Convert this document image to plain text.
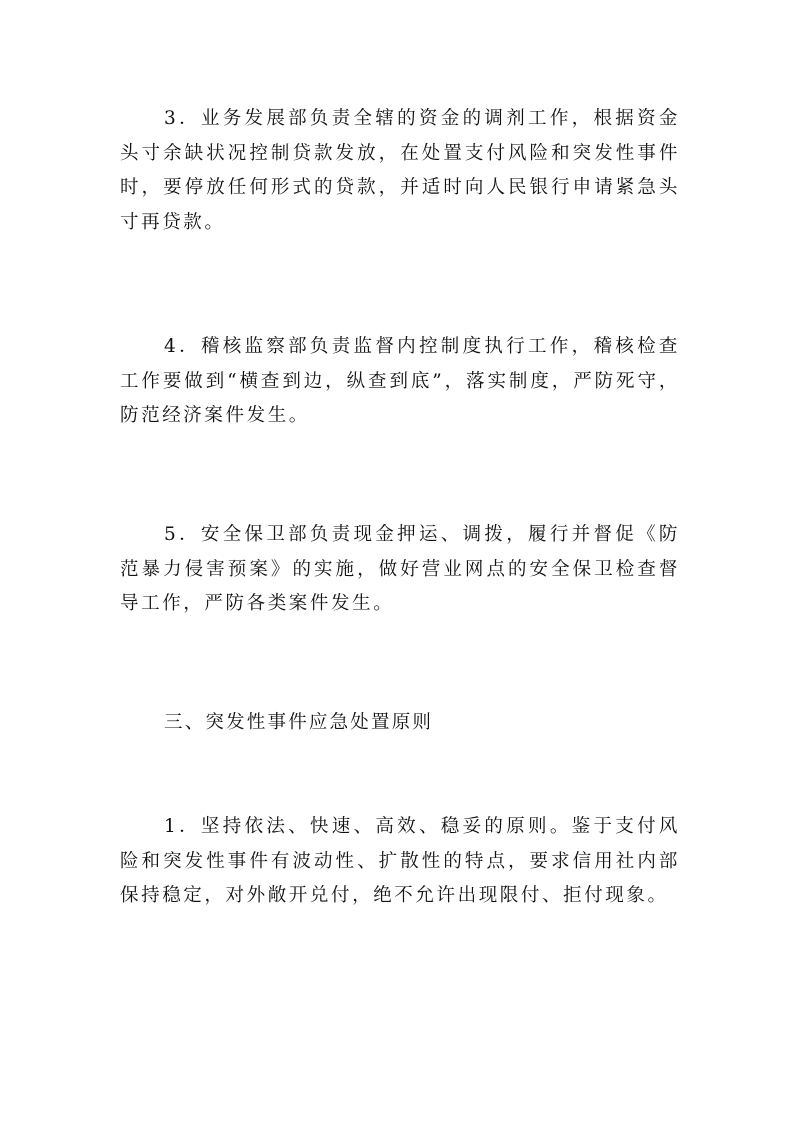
3．业务发展部负责全辖的资金的调剂工作，根据资金头寸余缺状况控制贷款发放，在处置支付风险和突发性事件时，要停放任何形式的贷款，并适时向人民银行申请紧急头寸再贷款。

4．稽核监察部负责监督内控制度执行工作，稽核检查工作要做到“横查到边，纵查到底”，落实制度，严防死守，防范经济案件发生。

5．安全保卫部负责现金押运、调拨，履行并督促《防范暴力侵害预案》的实施，做好营业网点的安全保卫检查督导工作，严防各类案件发生。

三、突发性事件应急处置原则

1．坚持依法、快速、高效、稳妥的原则。鉴于支付风险和突发性事件有波动性、扩散性的特点，要求信用社内部保持稳定，对外敞开兑付，绝不允许出现限付、拒付现象。
